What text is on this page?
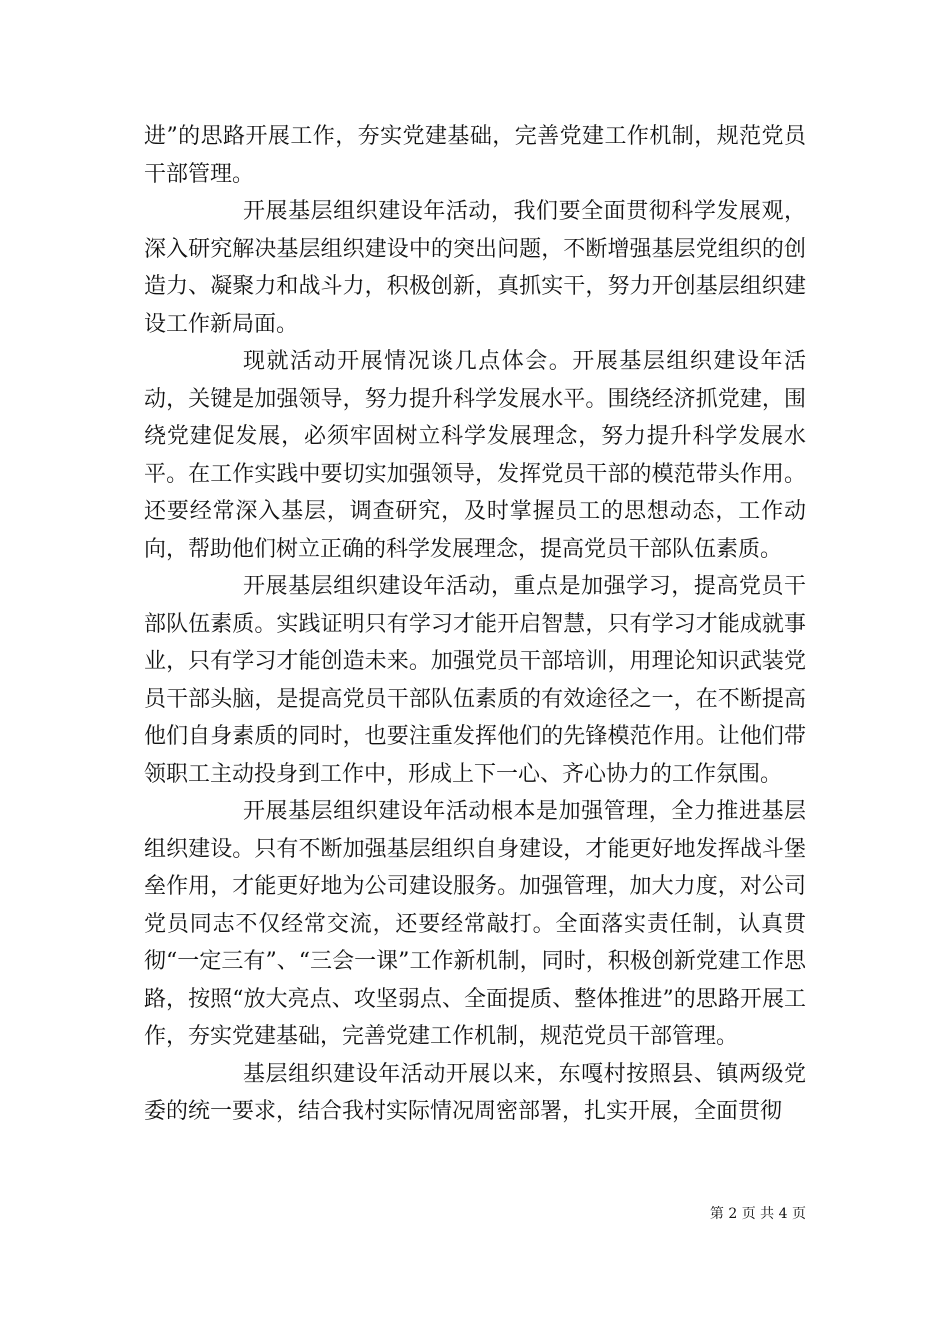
进”的思路开展工作，夯实党建基础，完善党建工作机制，规范党员干部管理。

开展基层组织建设年活动，我们要全面贯彻科学发展观，深入研究解决基层组织建设中的突出问题，不断增强基层党组织的创造力、凝聚力和战斗力，积极创新，真抓实干，努力开创基层组织建设工作新局面。

现就活动开展情况谈几点体会。开展基层组织建设年活动，关键是加强领导，努力提升科学发展水平。围绕经济抓党建，围绕党建促发展，必须牢固树立科学发展理念，努力提升科学发展水平。在工作实践中要切实加强领导，发挥党员干部的模范带头作用。还要经常深入基层，调查研究，及时掌握员工的思想动态，工作动向，帮助他们树立正确的科学发展理念，提高党员干部队伍素质。

开展基层组织建设年活动，重点是加强学习，提高党员干部队伍素质。实践证明只有学习才能开启智慧，只有学习才能成就事业，只有学习才能创造未来。加强党员干部培训，用理论知识武装党员干部头脑，是提高党员干部队伍素质的有效途径之一，在不断提高他们自身素质的同时，也要注重发挥他们的先锋模范作用。让他们带领职工主动投身到工作中，形成上下一心、齐心协力的工作氛围。

开展基层组织建设年活动根本是加强管理，全力推进基层组织建设。只有不断加强基层组织自身建设，才能更好地发挥战斗堡垒作用，才能更好地为公司建设服务。加强管理，加大力度，对公司党员同志不仅经常交流，还要经常敲打。全面落实责任制，认真贯彻“一定三有”、“三会一课”工作新机制，同时，积极创新党建工作思路，按照“放大亮点、攻坚弱点、全面提质、整体推进”的思路开展工作，夯实党建基础，完善党建工作机制，规范党员干部管理。

基层组织建设年活动开展以来，东嘎村按照县、镇两级党委的统一要求，结合我村实际情况周密部署，扎实开展，全面贯彻

第 2 页 共 4 页
